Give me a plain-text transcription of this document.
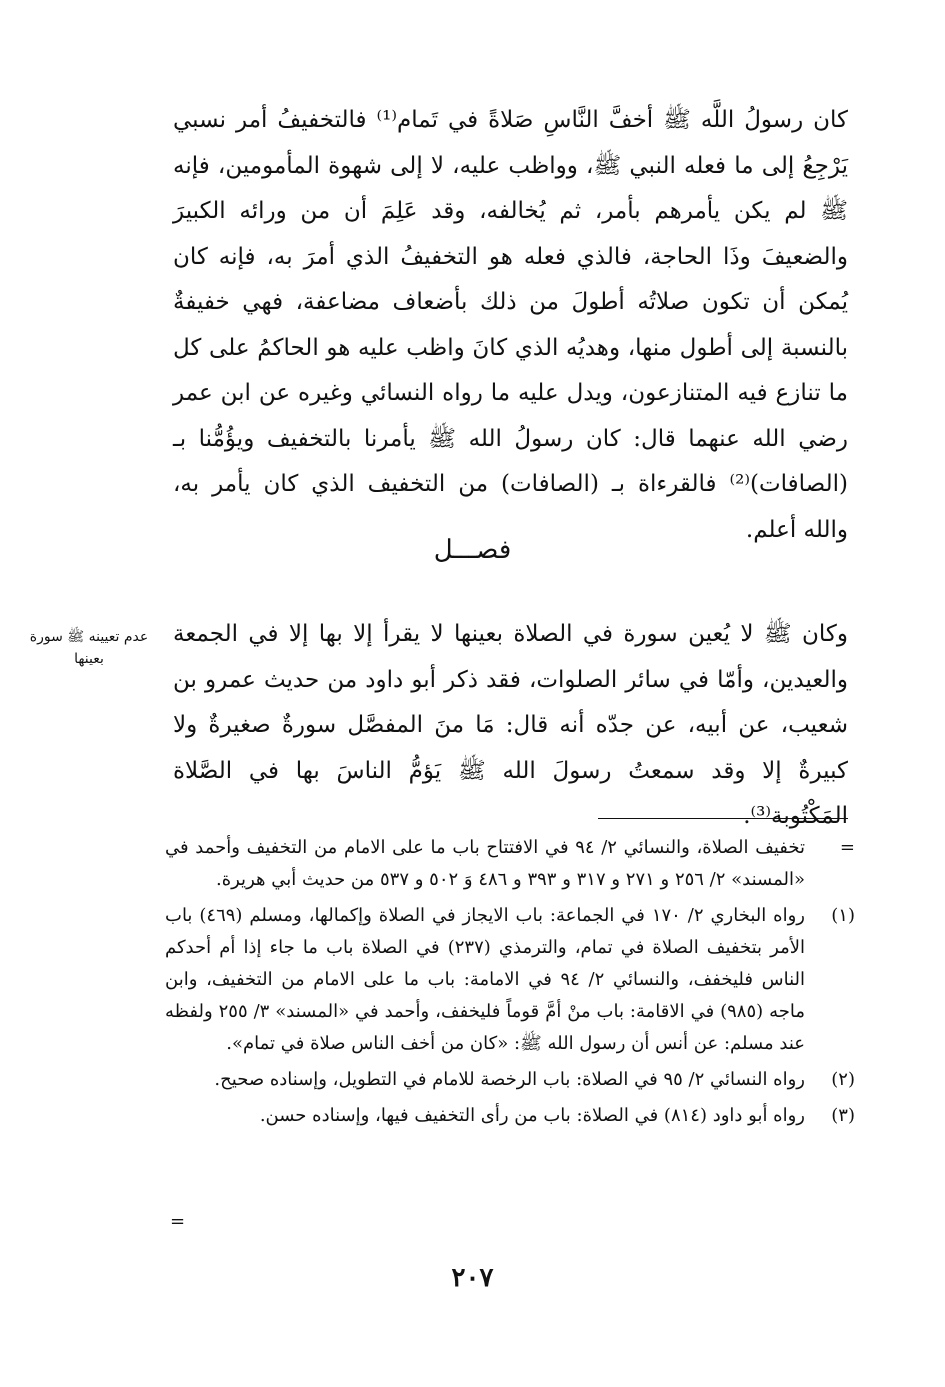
كان رسولُ اللَّه ﷺ أخفَّ النَّاسِ صَلاةً في تَمام⁽¹⁾ فالتخفيفُ أمر نسبي يَرْجِعُ إلى ما فعله النبي ﷺ، وواظب عليه، لا إلى شهوة المأمومين، فإنه ﷺ لم يكن يأمرهم بأمر، ثم يُخالفه، وقد عَلِمَ أن من ورائه الكبيرَ والضعيفَ وذَا الحاجة، فالذي فعله هو التخفيفُ الذي أمرَ به، فإنه كان يُمكن أن تكون صلاتُه أطولَ من ذلك بأضعاف مضاعفة، فهي خفيفةٌ بالنسبة إلى أطول منها، وهديُه الذي كانَ واظب عليه هو الحاكمُ على كل ما تنازع فيه المتنازعون، ويدل عليه ما رواه النسائي وغيره عن ابن عمر رضي الله عنهما قال: كان رسولُ الله ﷺ يأمرنا بالتخفيف ويؤُمُّنا بـ (الصافات)⁽²⁾ فالقرءاة بـ (الصافات) من التخفيف الذي كان يأمر به، والله أعلم.

فصـــل

وكان ﷺ لا يُعين سورة في الصلاة بعينها لا يقرأ إلا بها إلا في الجمعة والعيدين، وأمّا في سائر الصلوات، فقد ذكر أبو داود من حديث عمرو بن شعيب، عن أبيه، عن جدّه أنه قال: مَا منَ المفصَّل سورةٌ صغيرةٌ ولا كبيرةٌ إلا وقد سمعتُ رسولَ الله ﷺ يَؤمُّ الناسَ بها في الصَّلاة المَكْتُوبة⁽³⁾.

عدم تعيينه ﷺ سورة بعينها
=
تخفيف الصلاة، والنسائي ٢/ ٩٤ في الافتتاح باب ما على الامام من التخفيف وأحمد في «المسند» ٢/ ٢٥٦ و ٢٧١ و ٣١٧ و ٣٩٣ و ٤٨٦ وَ ٥٠٢ و ٥٣٧ من حديث أبي هريرة.
(١)
رواه البخاري ٢/ ١٧٠ في الجماعة: باب الايجاز في الصلاة وإكمالها، ومسلم (٤٦٩) باب الأمر بتخفيف الصلاة في تمام، والترمذي (٢٣٧) في الصلاة باب ما جاء إذا أم أحدكم الناس فليخفف، والنسائي ٢/ ٩٤ في الامامة: باب ما على الامام من التخفيف، وابن ماجه (٩٨٥) في الاقامة: باب منْ أمَّ قوماً فليخفف، وأحمد في «المسند» ٣/ ٢٥٥ ولفظه عند مسلم: عن أنس أن رسول الله ﷺ: «كان من أخف الناس صلاة في تمام».
(٢)
رواه النسائي ٢/ ٩٥ في الصلاة: باب الرخصة للامام في التطويل، وإسناده صحيح.
(٣)
رواه أبو داود (٨١٤) في الصلاة: باب من رأى التخفيف فيها، وإسناده حسن.
=
٢٠٧
